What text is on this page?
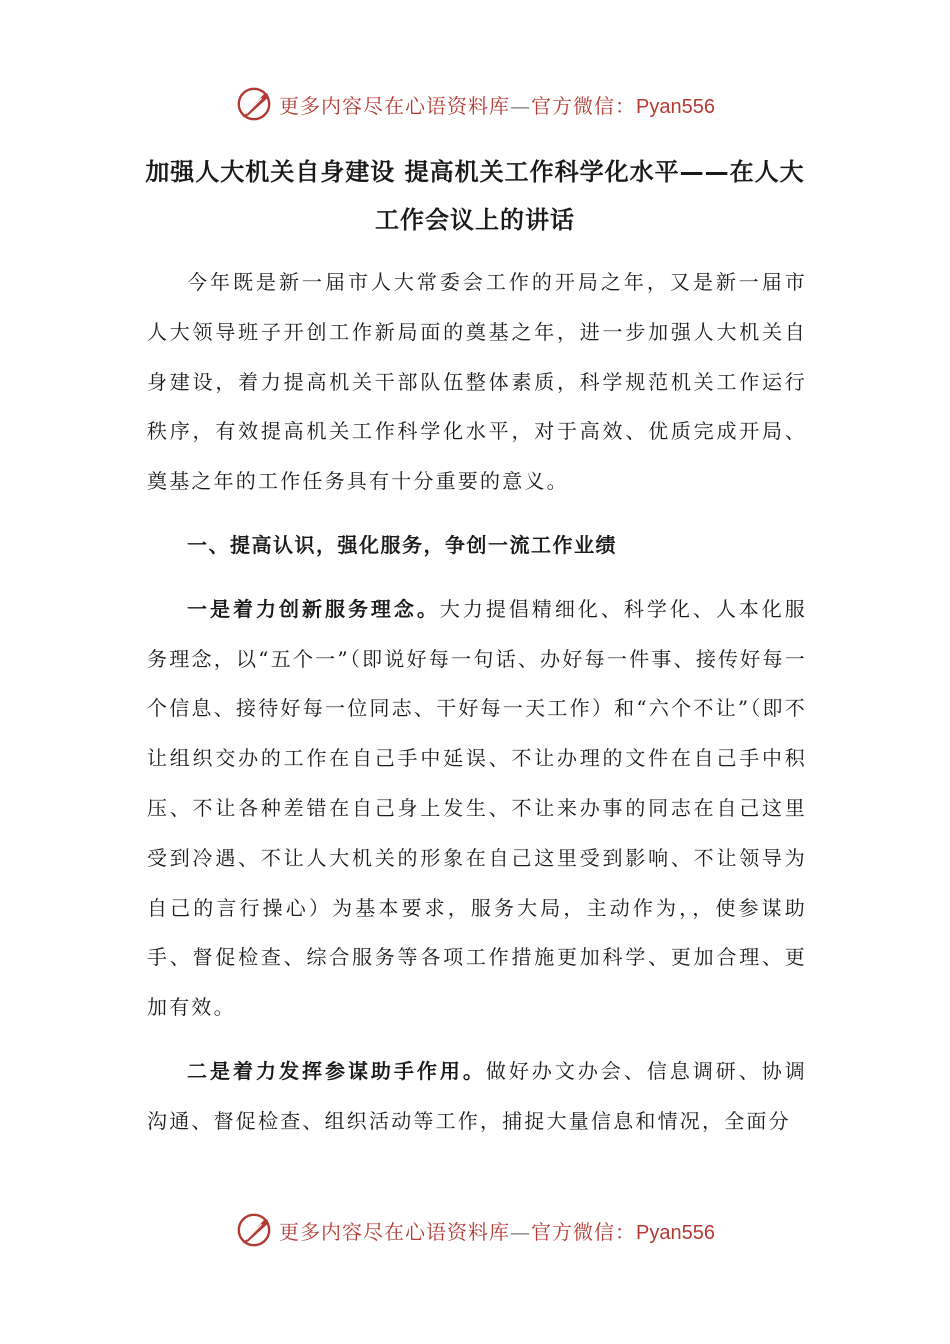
更多内容尽在心语资料库—官方微信：Pyan556
加强人大机关自身建设 提高机关工作科学化水平——在人大工作会议上的讲话

今年既是新一届市人大常委会工作的开局之年，又是新一届市人大领导班子开创工作新局面的奠基之年，进一步加强人大机关自身建设，着力提高机关干部队伍整体素质，科学规范机关工作运行秩序，有效提高机关工作科学化水平，对于高效、优质完成开局、奠基之年的工作任务具有十分重要的意义。

一、提高认识，强化服务，争创一流工作业绩

一是着力创新服务理念。大力提倡精细化、科学化、人本化服务理念，以“五个一”（即说好每一句话、办好每一件事、接传好每一个信息、接待好每一位同志、干好每一天工作）和“六个不让”（即不让组织交办的工作在自己手中延误、不让办理的文件在自己手中积压、不让各种差错在自己身上发生、不让来办事的同志在自己这里受到冷遇、不让人大机关的形象在自己这里受到影响、不让领导为自己的言行操心）为基本要求，服务大局，主动作为，，使参谋助手、督促检查、综合服务等各项工作措施更加科学、更加合理、更加有效。

二是着力发挥参谋助手作用。做好办文办会、信息调研、协调沟通、督促检查、组织活动等工作，捕捉大量信息和情况，全面分

更多内容尽在心语资料库—官方微信：Pyan556
